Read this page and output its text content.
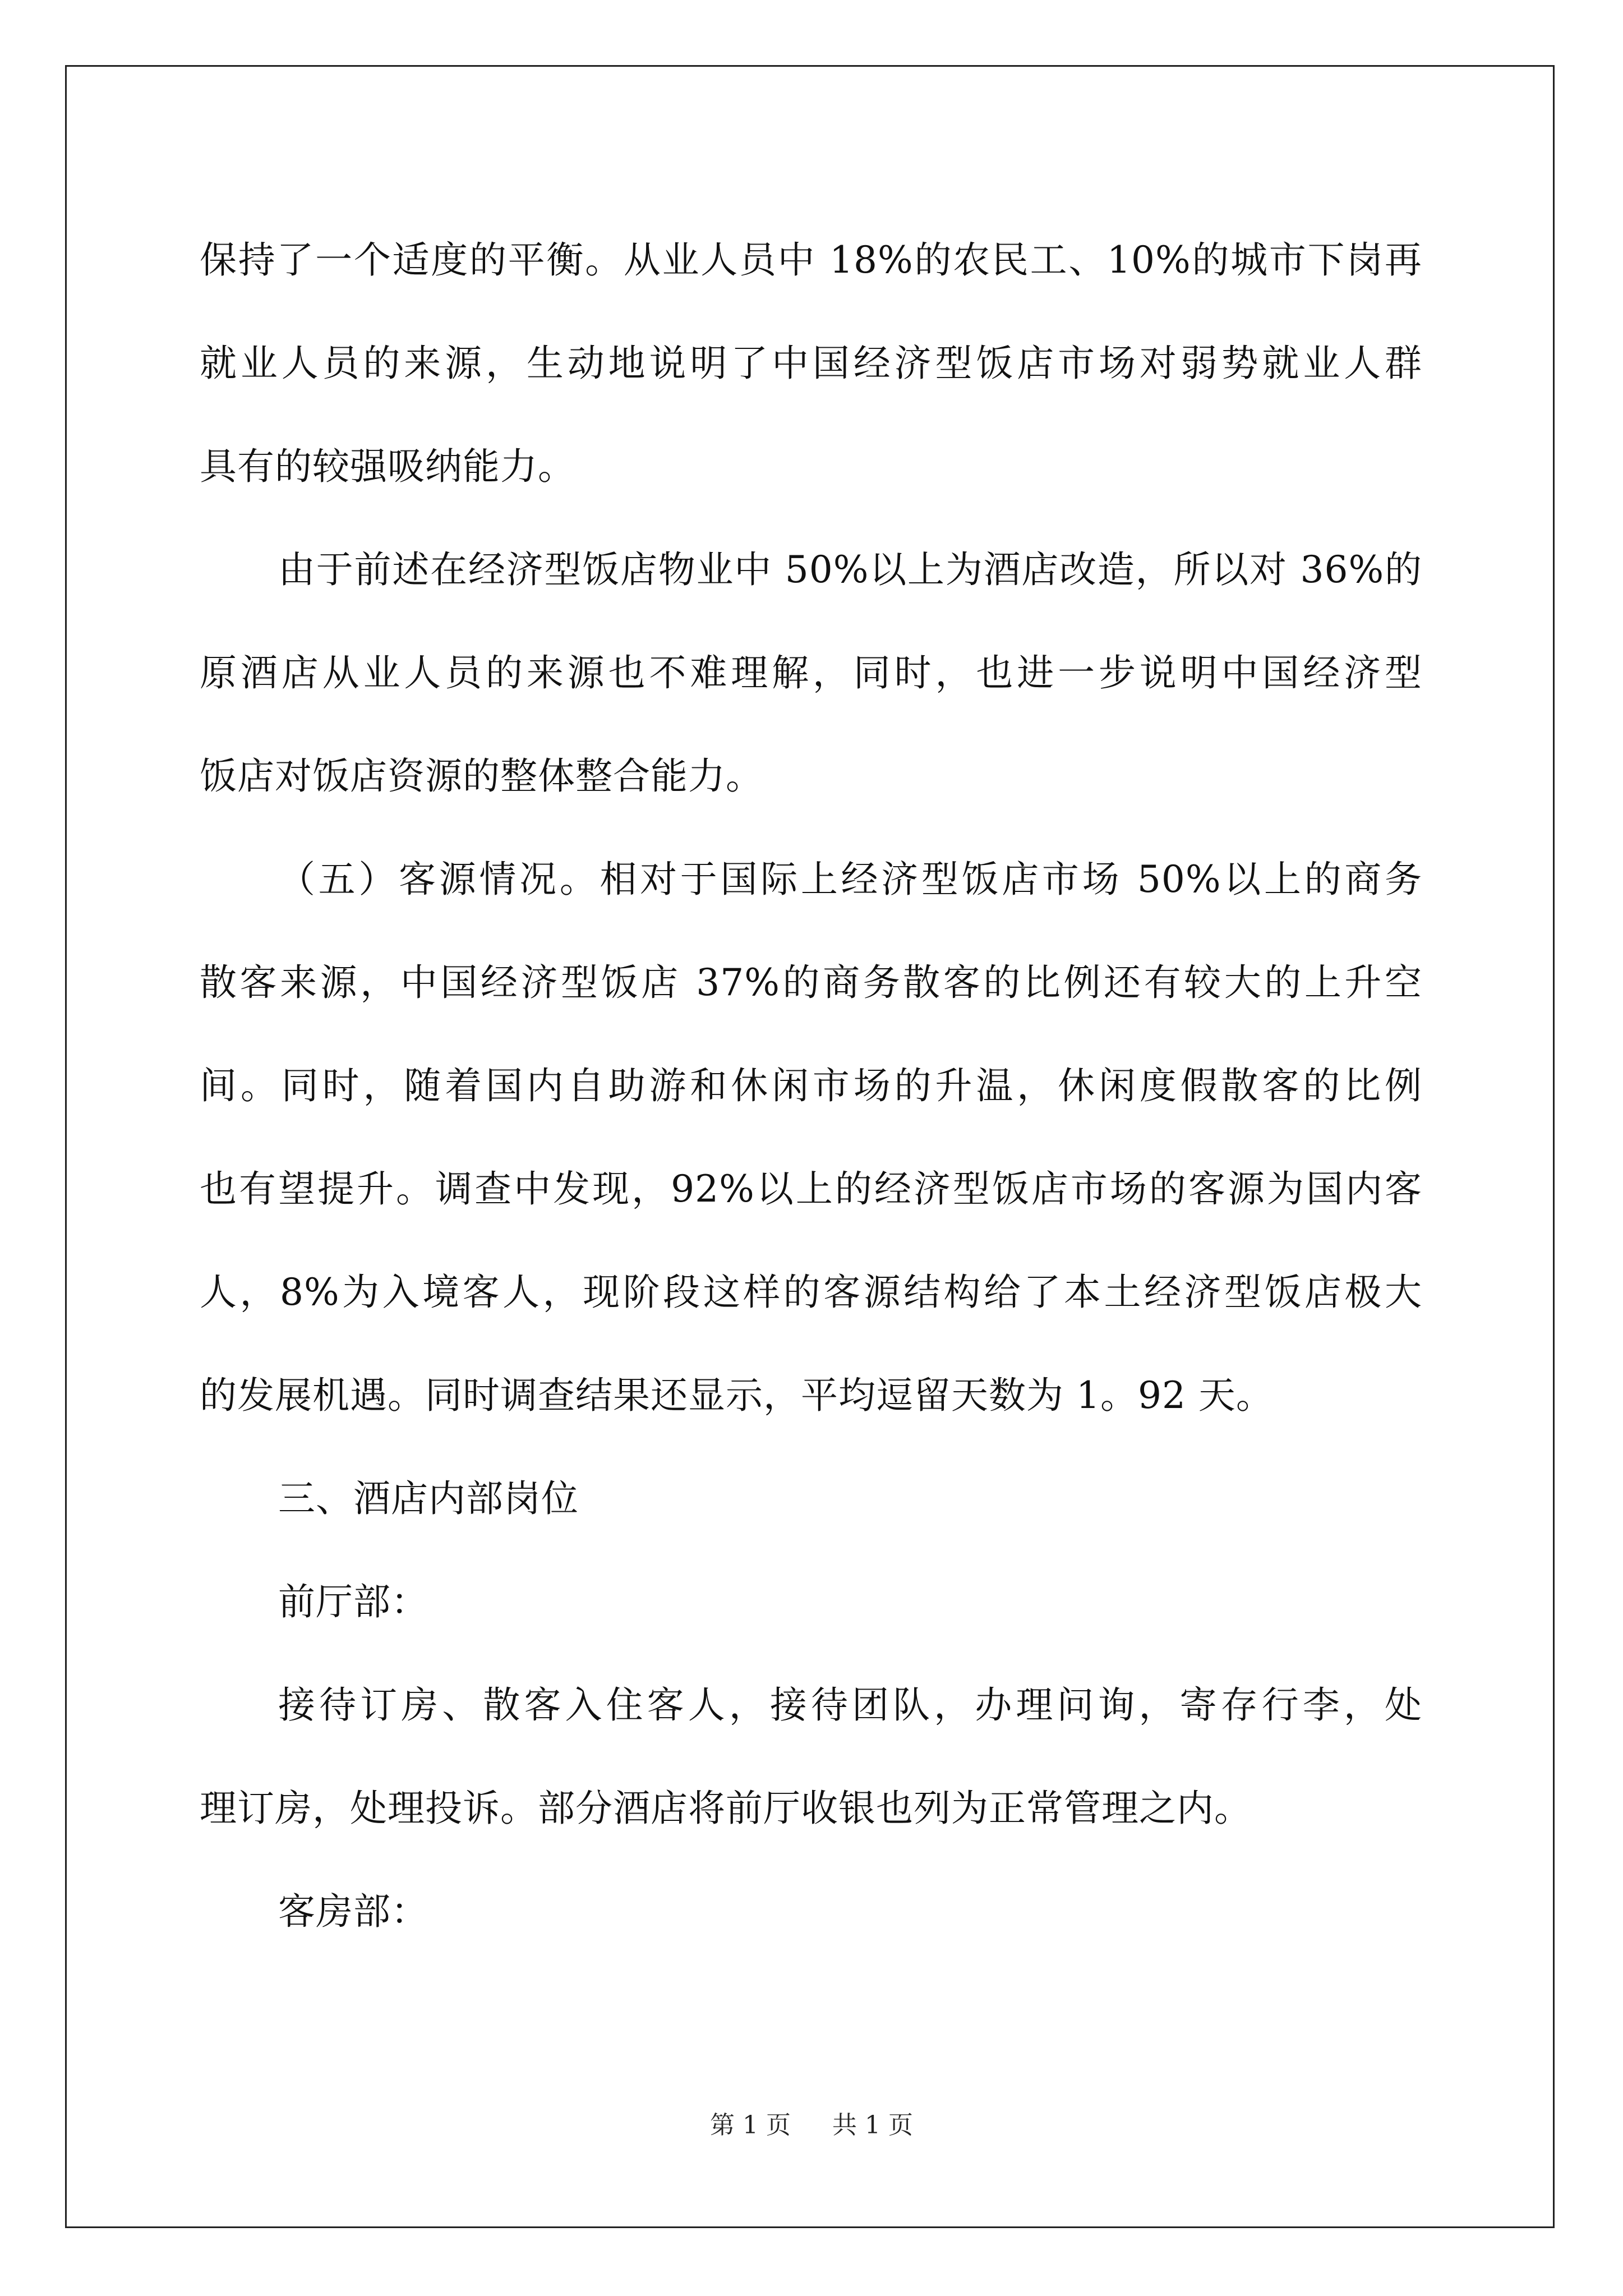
保持了一个适度的平衡。从业人员中 18%的农民工、10%的城市下岗再
就业人员的来源，生动地说明了中国经济型饭店市场对弱势就业人群
具有的较强吸纳能力。
由于前述在经济型饭店物业中 50%以上为酒店改造，所以对 36%的
原酒店从业人员的来源也不难理解，同时，也进一步说明中国经济型
饭店对饭店资源的整体整合能力。
（五）客源情况。相对于国际上经济型饭店市场 50%以上的商务
散客来源，中国经济型饭店 37%的商务散客的比例还有较大的上升空
间。同时，随着国内自助游和休闲市场的升温，休闲度假散客的比例
也有望提升。调查中发现，92%以上的经济型饭店市场的客源为国内客
人，8%为入境客人，现阶段这样的客源结构给了本土经济型饭店极大
的发展机遇。同时调查结果还显示，平均逗留天数为 1。92 天。
三、酒店内部岗位
前厅部：
接待订房、散客入住客人，接待团队，办理问询，寄存行李，处
理订房，处理投诉。部分酒店将前厅收银也列为正常管理之内。
客房部：
第 1 页 共 1 页
